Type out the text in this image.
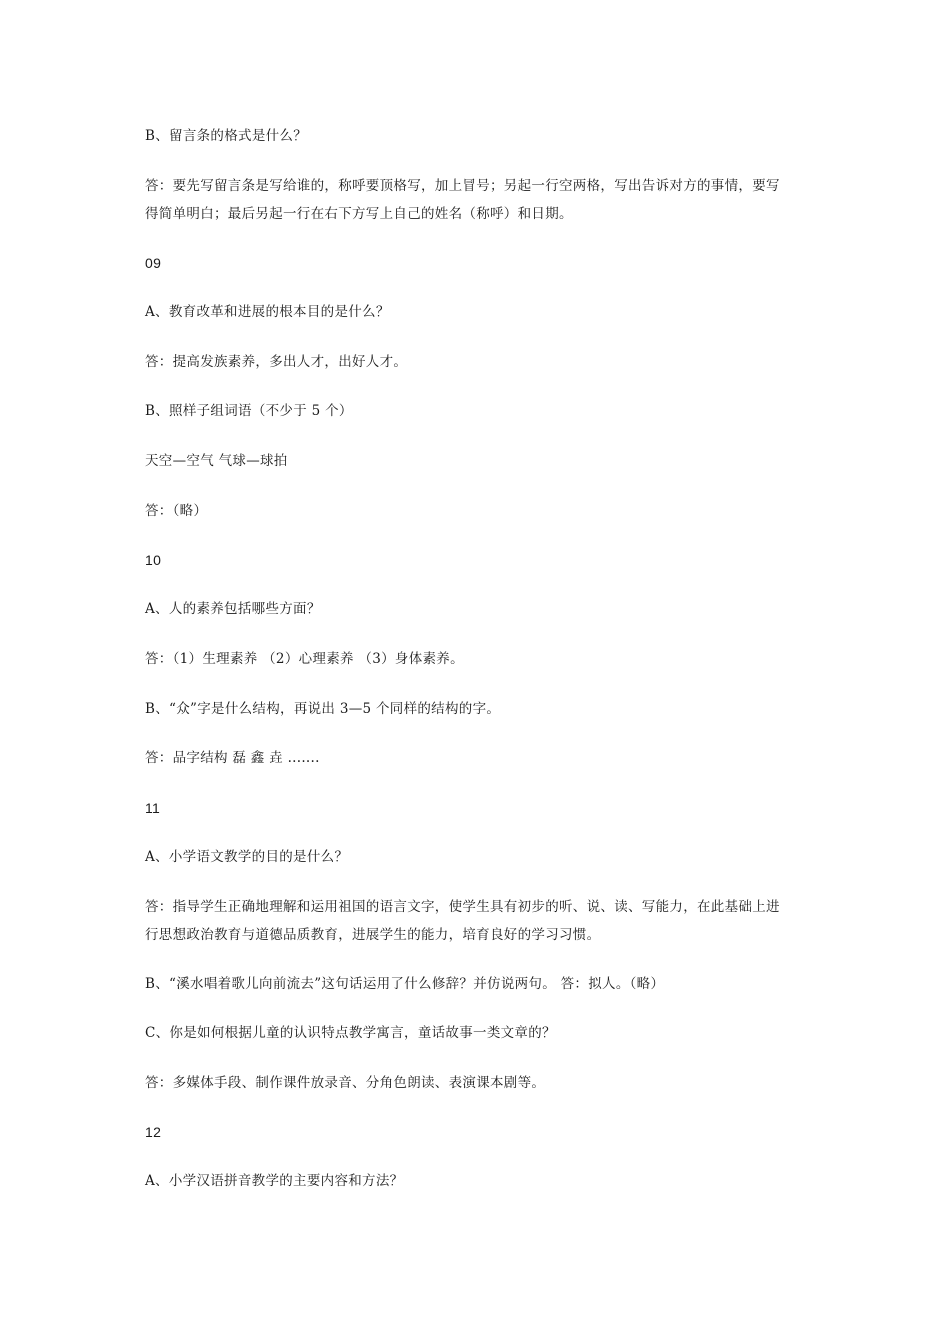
B、留言条的格式是什么？
答：要先写留言条是写给谁的，称呼要顶格写，加上冒号；另起一行空两格，写出告诉对方的事情，要写
得简单明白；最后另起一行在右下方写上自己的姓名（称呼）和日期。
09
A、教育改革和进展的根本目的是什么？
答：提高发族素养，多出人才，出好人才。
B、照样子组词语（不少于 5 个）
天空—空气 气球—球拍
答：（略）
10
A、人的素养包括哪些方面？
答：（1）生理素养 （2）心理素养 （3）身体素养。
B、“众”字是什么结构，再说出 3—5 个同样的结构的字。
答：品字结构 磊 鑫 垚 .......
11
A、小学语文教学的目的是什么？
答：指导学生正确地理解和运用祖国的语言文字，使学生具有初步的听、说、读、写能力，在此基础上进
行思想政治教育与道德品质教育，进展学生的能力，培育良好的学习习惯。
B、“溪水唱着歌儿向前流去”这句话运用了什么修辞？并仿说两句。 答：拟人。（略）
C、你是如何根据儿童的认识特点教学寓言，童话故事一类文章的？
答：多媒体手段、制作课件放录音、分角色朗读、表演课本剧等。
12
A、小学汉语拼音教学的主要内容和方法？
